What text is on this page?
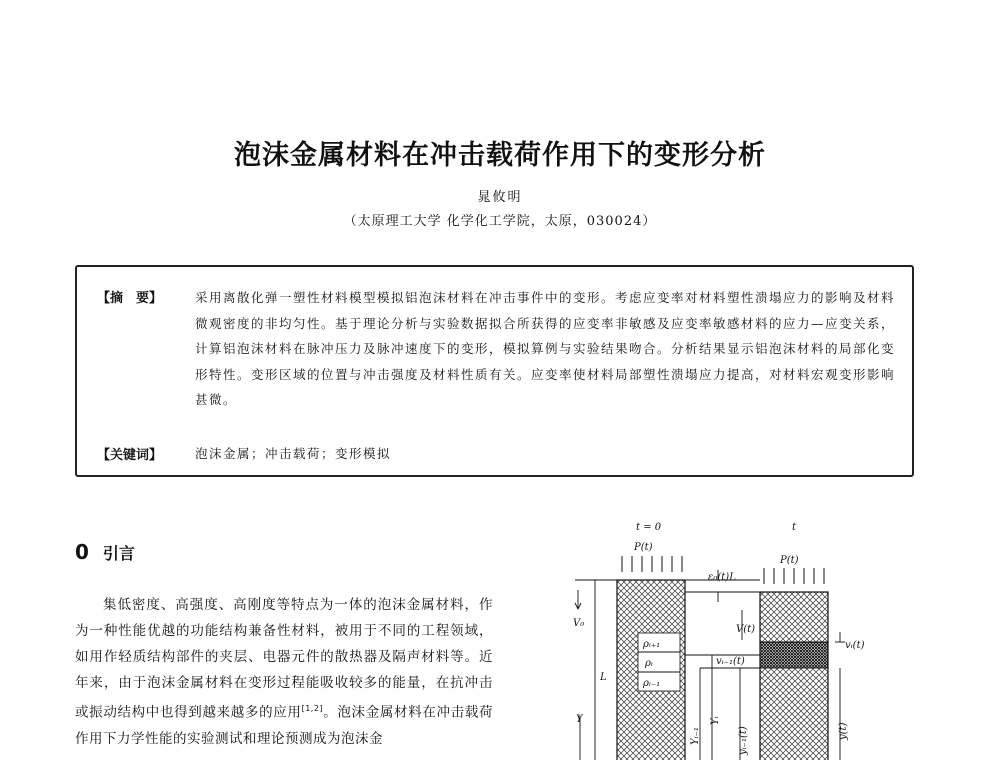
泡沫金属材料在冲击载荷作用下的变形分析
晁攸明
（太原理工大学 化学化工学院，太原，030024）
【摘　要】	采用离散化弹一塑性材料模型模拟铝泡沫材料在冲击事件中的变形。考虑应变率对材料塑性溃塌应力的影响及材料微观密度的非均匀性。基于理论分析与实验数据拟合所获得的应变率非敏感及应变率敏感材料的应力—应变关系，计算铝泡沫材料在脉冲压力及脉冲速度下的变形，模拟算例与实验结果吻合。分析结果显示铝泡沫材料的局部化变形特性。变形区域的位置与冲击强度及材料性质有关。应变率使材料局部塑性溃塌应力提高，对材料宏观变形影响甚微。
【关键词】	泡沫金属；冲击载荷；变形模拟
0 引言
集低密度、高强度、高刚度等特点为一体的泡沫金属材料，作为一种性能优越的功能结构兼备性材料，被用于不同的工程领域，如用作轻质结构部件的夹层、电器元件的散热器及隔声材料等。近年来，由于泡沫金属材料在变形过程能吸收较多的能量，在抗冲击或振动结构中也得到越来越多的应用[1,2]。泡沫金属材料在冲击载荷作用下力学性能的实验测试和理论预测成为泡沫金
t = 0	t
P(t)
P(t)
ρᵢ₊₁
ρᵢ
ρᵢ₋₁
ε₀(t)L
V₀
L
Y
V(t)
vᵢ(t)
vᵢ₋₁(t)
Yᵢ
Yᵢ₋₁	yᵢ₋₁(t)	y(t)
